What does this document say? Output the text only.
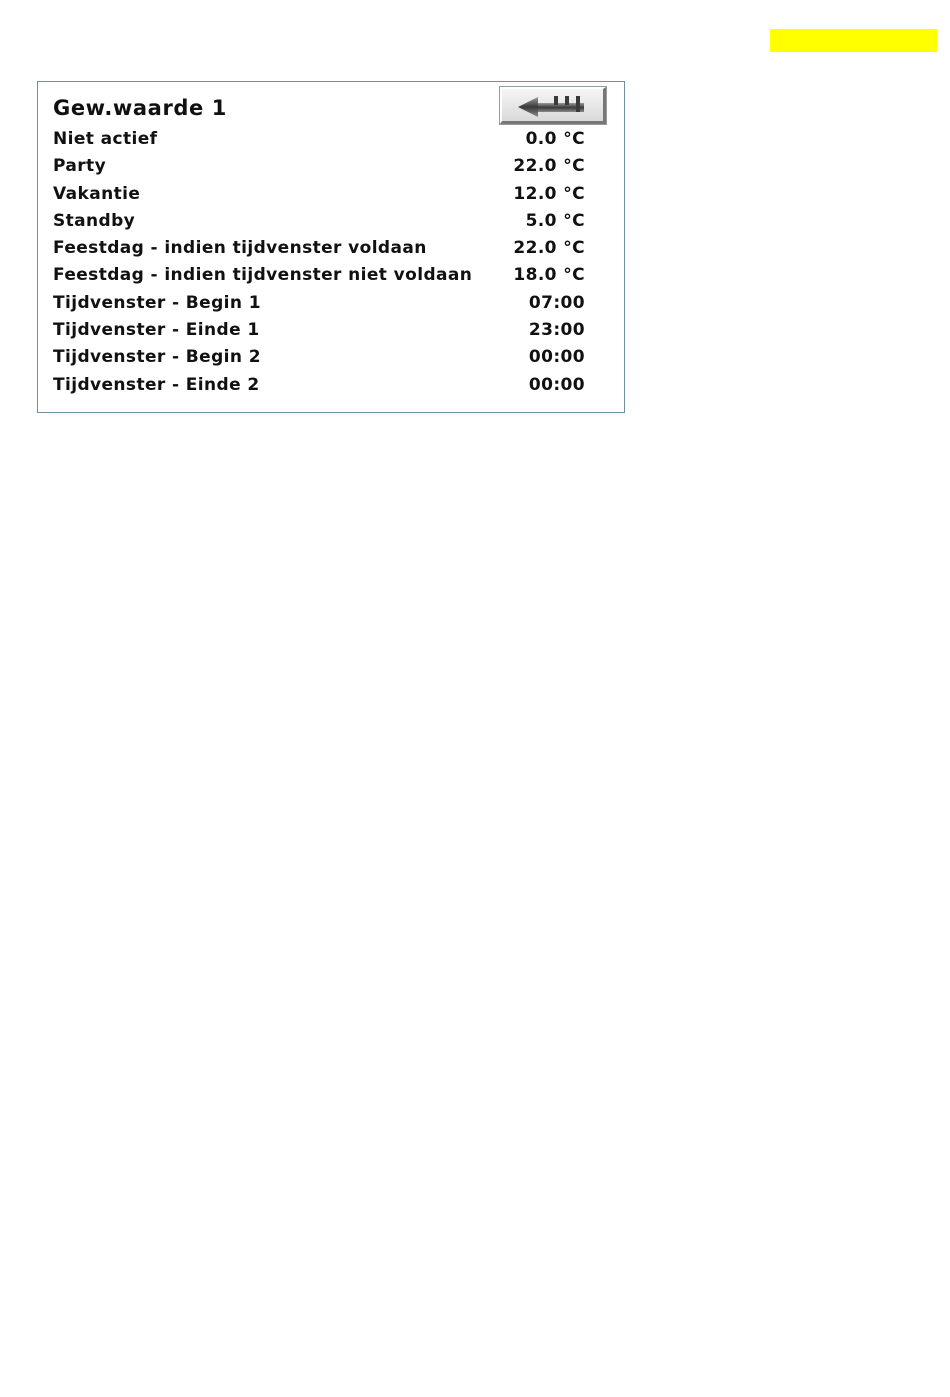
Gew.waarde 1
Niet actief	0.0 °C
Party	22.0 °C
Vakantie	12.0 °C
Standby	5.0 °C
Feestdag - indien tijdvenster voldaan	22.0 °C
Feestdag - indien tijdvenster niet voldaan 18.0 °C
Tijdvenster - Begin 1	07:00
Tijdvenster - Einde 1	23:00
Tijdvenster - Begin 2	00:00
Tijdvenster - Einde 2	00:00
